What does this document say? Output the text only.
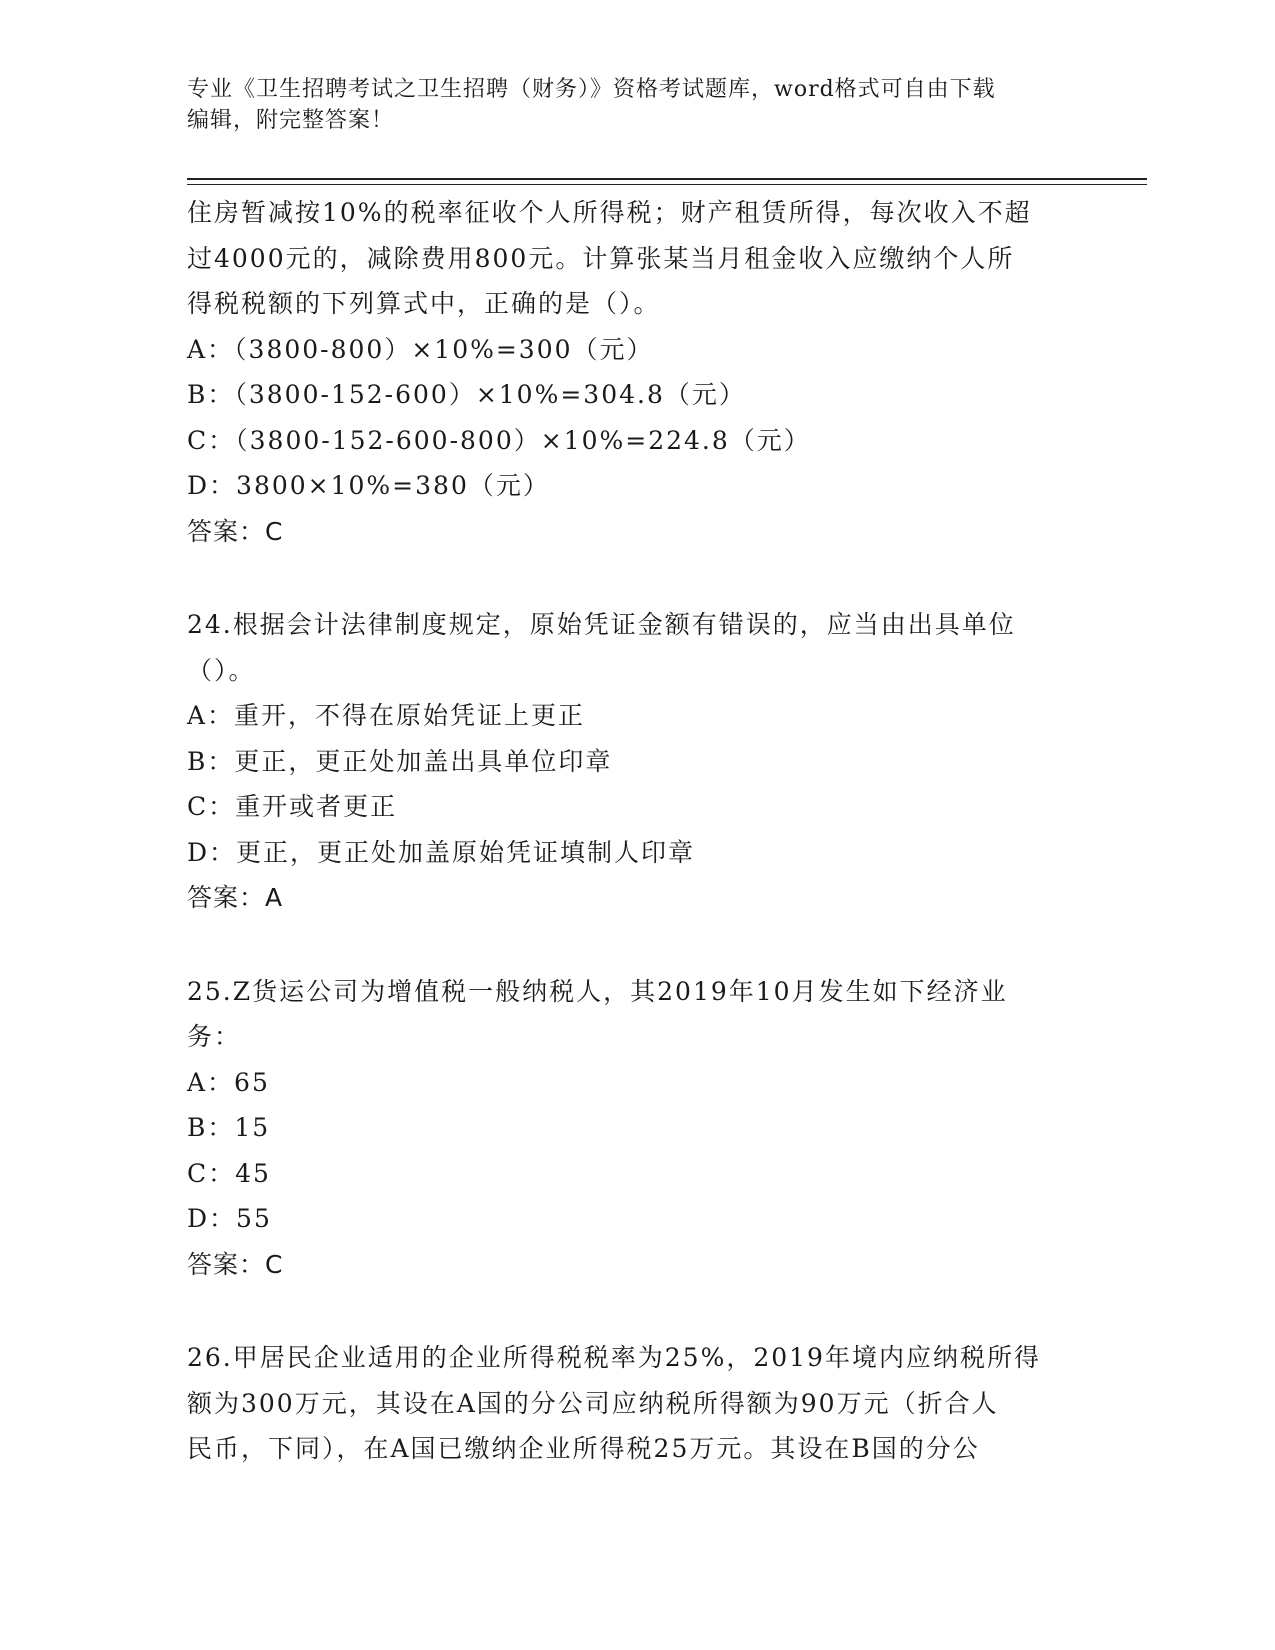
专业《卫生招聘考试之卫生招聘（财务）》资格考试题库，word格式可自由下载
编辑，附完整答案！
住房暂减按10%的税率征收个人所得税；财产租赁所得，每次收入不超
过4000元的，减除费用800元。计算张某当月租金收入应缴纳个人所
得税税额的下列算式中，正确的是（）。
A：（3800-800）×10%=300（元）
B：（3800-152-600）×10%=304.8（元）
C：（3800-152-600-800）×10%=224.8（元）
D：3800×10%=380（元）
答案：C
24.根据会计法律制度规定，原始凭证金额有错误的，应当由出具单位
（）。
A：重开，不得在原始凭证上更正
B：更正，更正处加盖出具单位印章
C：重开或者更正
D：更正，更正处加盖原始凭证填制人印章
答案：A
25.Z货运公司为增值税一般纳税人，其2019年10月发生如下经济业
务：
A：65
B：15
C：45
D：55
答案：C
26.甲居民企业适用的企业所得税税率为25%，2019年境内应纳税所得
额为300万元，其设在A国的分公司应纳税所得额为90万元（折合人
民币，下同），在A国已缴纳企业所得税25万元。其设在B国的分公
